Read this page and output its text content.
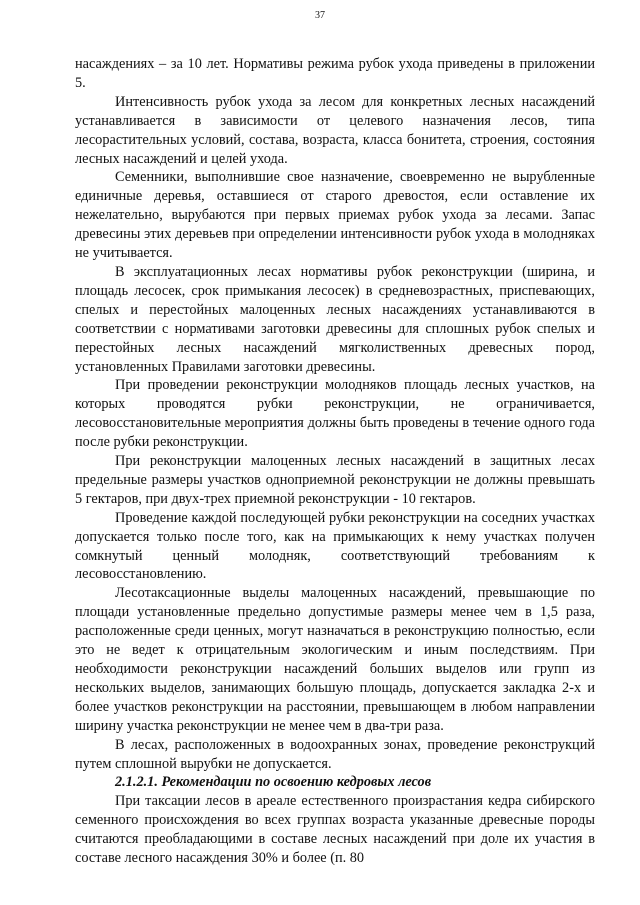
37

насаждениях – за 10 лет. Нормативы режима рубок ухода приведены в приложении 5.

Интенсивность рубок ухода за лесом для конкретных лесных насаждений устанавливается в зависимости от целевого назначения лесов, типа лесорастительных условий, состава, возраста, класса бонитета, строения, состояния лесных насаждений и целей ухода.

Семенники, выполнившие свое назначение, своевременно не вырубленные единичные деревья, оставшиеся от старого древостоя, если оставление их нежелательно, вырубаются при первых приемах рубок ухода за лесами. Запас древесины этих деревьев при определении интенсивности рубок ухода в молодняках не учитывается.

В эксплуатационных лесах нормативы рубок реконструкции (ширина, и площадь лесосек, срок примыкания лесосек) в средневозрастных, приспевающих, спелых и перестойных малоценных лесных насаждениях устанавливаются в соответствии с нормативами заготовки древесины для сплошных рубок спелых и перестойных лесных насаждений мягколиственных древесных пород, установленных Правилами заготовки древесины.

При проведении реконструкции молодняков площадь лесных участков, на которых проводятся рубки реконструкции, не ограничивается, лесовосстановительные мероприятия должны быть проведены в течение одного года после рубки реконструкции.

При реконструкции малоценных лесных насаждений в защитных лесах предельные размеры участков одноприемной реконструкции не должны превышать 5 гектаров, при двух-трех приемной реконструкции - 10 гектаров.

Проведение каждой последующей рубки реконструкции на соседних участках допускается только после того, как на примыкающих к нему участках получен сомкнутый ценный молодняк, соответствующий требованиям к лесовосстановлению.

Лесотаксационные выделы малоценных насаждений, превышающие по площади установленные предельно допустимые размеры менее чем в 1,5 раза, расположенные среди ценных, могут назначаться в реконструкцию полностью, если это не ведет к отрицательным экологическим и иным последствиям. При необходимости реконструкции насаждений больших выделов или групп из нескольких выделов, занимающих большую площадь, допускается закладка 2-х и более участков реконструкции на расстоянии, превышающем в любом направлении ширину участка реконструкции не менее чем в два-три раза.

В лесах, расположенных в водоохранных зонах, проведение реконструкций путем сплошной вырубки не допускается.

2.1.2.1. Рекомендации по освоению кедровых лесов

При таксации лесов в ареале естественного произрастания кедра сибирского семенного происхождения во всех группах возраста указанные древесные породы считаются преобладающими в составе лесных насаждений при доле их участия в составе лесного насаждения 30% и более (п. 80
